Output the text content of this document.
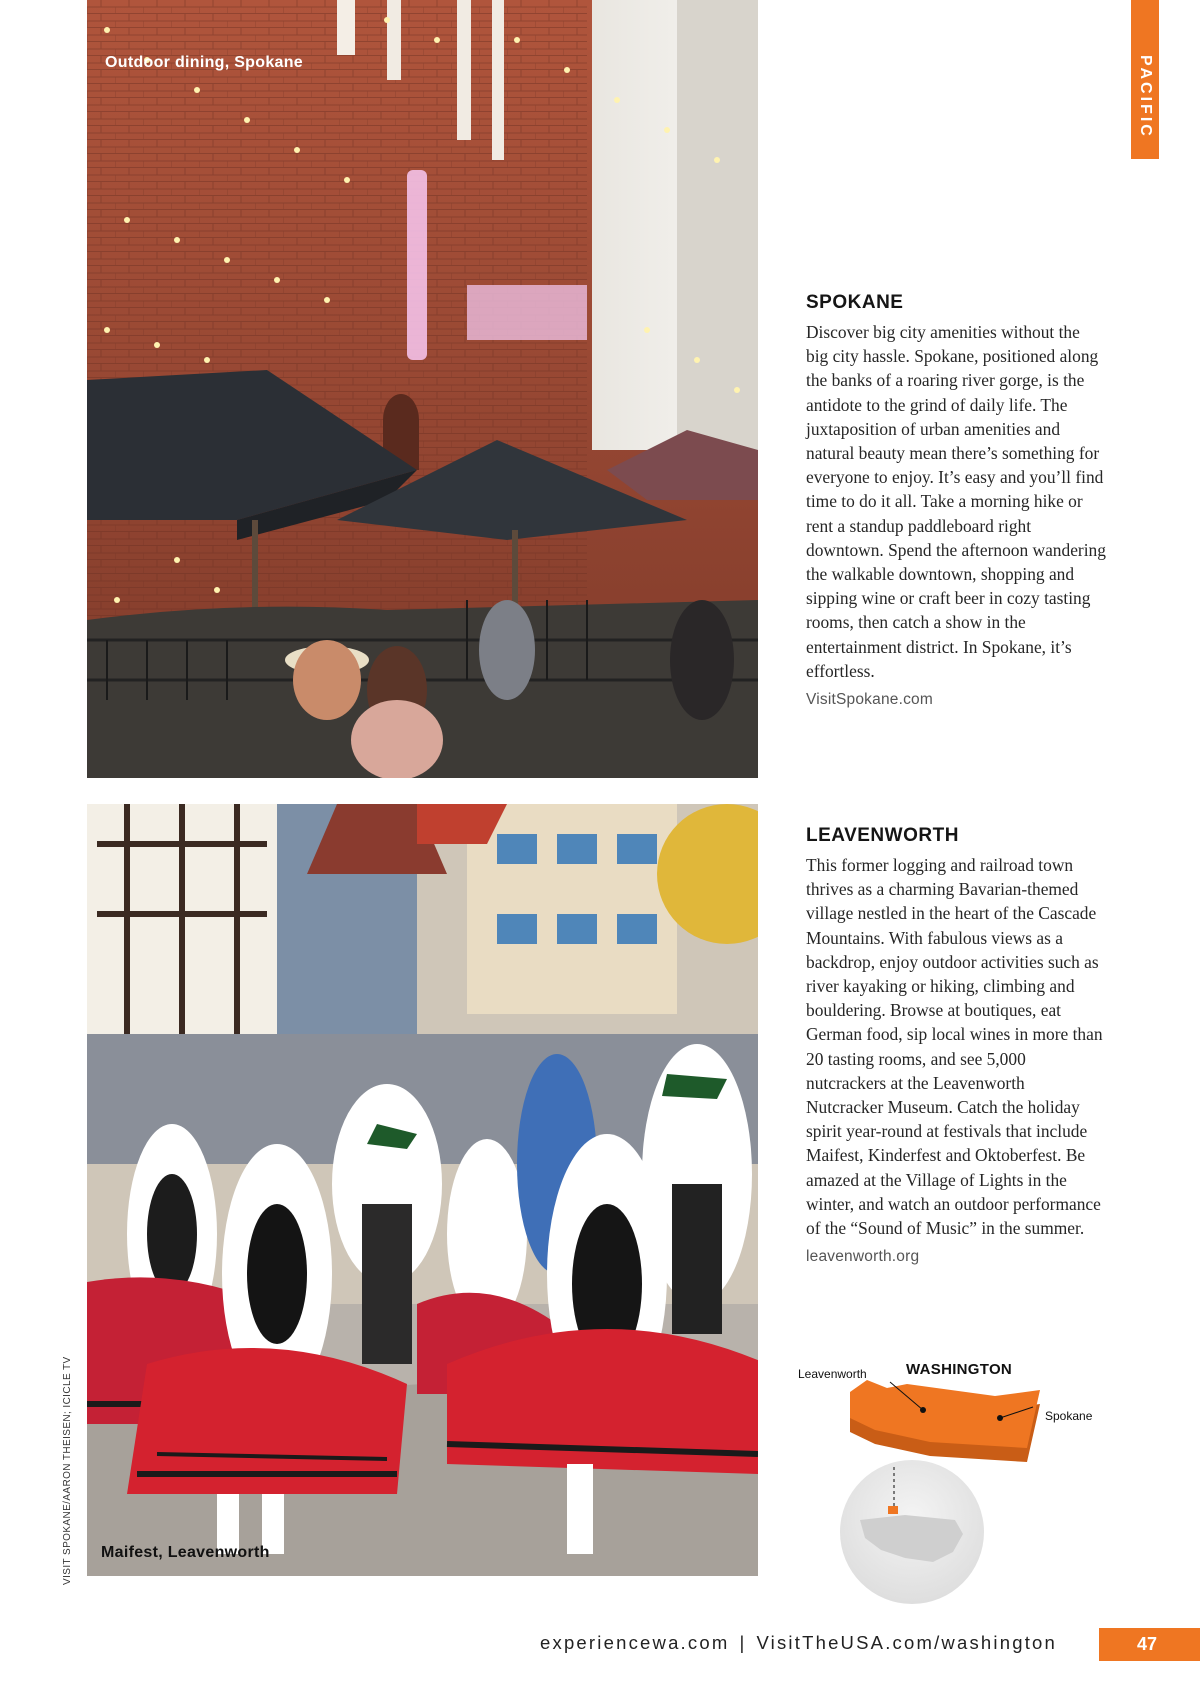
PACIFIC
Outdoor dining, Spokane
Maifest, Leavenworth
VISIT SPOKANE/AARON THEISEN; ICICLE TV
SPOKANE

Discover big city amenities without the big city hassle. Spokane, positioned along the banks of a roaring river gorge, is the antidote to the grind of daily life. The juxtaposition of urban amenities and natural beauty mean there’s something for everyone to enjoy. It’s easy and you’ll find time to do it all. Take a morning hike or rent a standup paddleboard right downtown. Spend the afternoon wandering the walkable downtown, shopping and sipping wine or craft beer in cozy tasting rooms, then catch a show in the entertainment district. In Spokane, it’s effortless.

VisitSpokane.com
LEAVENWORTH

This former logging and railroad town thrives as a charming Bavarian-themed village nestled in the heart of the Cascade Mountains. With fabulous views as a backdrop, enjoy outdoor activities such as river kayaking or hiking, climbing and bouldering. Browse at boutiques, eat German food, sip local wines in more than 20 tasting rooms, and see 5,000 nutcrackers at the Leavenworth Nutcracker Museum. Catch the holiday spirit year-round at festivals that include Maifest, Kinderfest and Oktoberfest. Be amazed at the Village of Lights in the winter, and watch an outdoor performance of the “Sound of Music” in the summer.

leavenworth.org
Leavenworth	WASHINGTON
Spokane
experiencewa.com | VisitTheUSA.com/washington	47
